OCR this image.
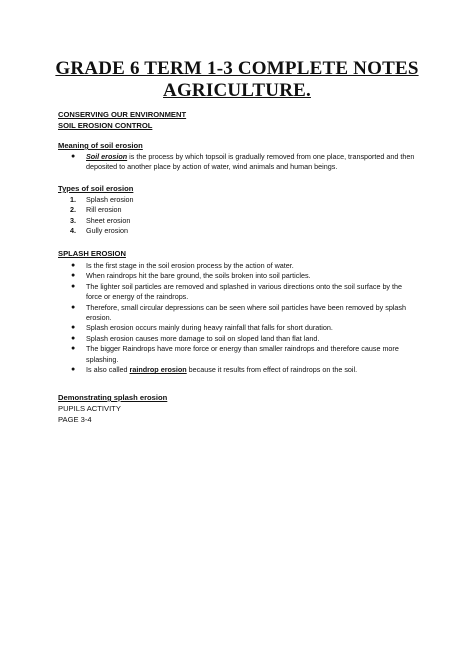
GRADE 6 TERM 1-3 COMPLETE NOTES
AGRICULTURE.
CONSERVING OUR ENVIRONMENT
SOIL EROSION CONTROL
Meaning of soil erosion
● Soil erosion is the process by which topsoil is gradually removed from one place, transported and then deposited to another place by action of water, wind animals and human beings.
Types of soil erosion
1. Splash erosion
2. Rill erosion
3. Sheet erosion
4. Gully erosion
SPLASH EROSION
● Is the first stage in the soil erosion process by the action of water.
● When raindrops hit the bare ground, the soils broken into soil particles.
● The lighter soil particles are removed and splashed in various directions onto the soil surface by the force or energy of the raindrops.
● Therefore, small circular depressions can be seen where soil particles have been removed by splash erosion.
● Splash erosion occurs mainly during heavy rainfall that falls for short duration.
● Splash erosion causes more damage to soil on sloped land than flat land.
● The bigger Raindrops have more force or energy than smaller raindrops and therefore cause more splashing.
● Is also called raindrop erosion because it results from effect of raindrops on the soil.
Demonstrating splash erosion
PUPILS ACTIVITY
PAGE 3-4
